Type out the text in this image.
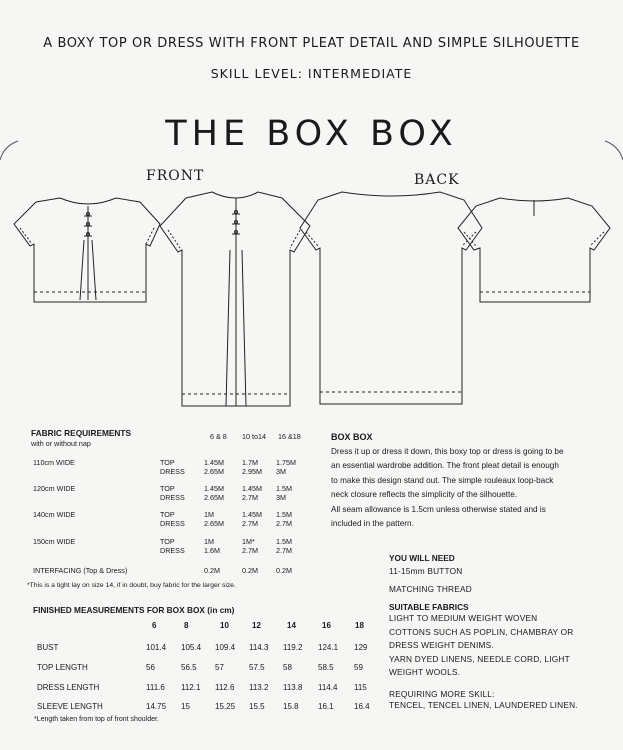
A BOXY TOP OR DRESS WITH FRONT PLEAT DETAIL AND SIMPLE SILHOUETTE
SKILL LEVEL: INTERMEDIATE
THE BOX BOX
FRONT	BACK
FABRIC REQUIREMENTS
with or without nap
6 & 8 10 to14 16 &18
110cm WIDE	TOP	1.45M	1.7M	1.75M
DRESS	2.65M	2.95M 3M
120cm WIDE	TOP	1.45M	1.45M 1.5M
DRESS	2.65M	2.7M	3M
140cm WIDE	TOP	1M	1.45M 1.5M
DRESS	2.65M	2.7M	2.7M
150cm WIDE	TOP	1M	1M*	1.5M
DRESS	1.6M	2.7M	2.7M
INTERFACING (Top & Dress)	0.2M	0.2M	0.2M
*This is a tight lay on size 14, if in doubt, buy fabric for the larger size.
FINISHED MEASUREMENTS FOR BOX BOX (in cm)
6	8	10	12	14	16	18
BUST	101.4 105.4 109.4 114.3 119.2 124.1 129
TOP LENGTH	56	56.5 57	57.5 58	58.5	59
DRESS LENGTH	111.6 112.1 112.6 113.2 113.8 114.4 115
SLEEVE LENGTH	14.75 15	15.25 15.5 15.8 16.1	16.4
*Length taken from top of front shoulder.
BOX BOX
Dress it up or dress it down, this boxy top or dress is going to be
an essential wardrobe addition. The front pleat detail is enough
to make this design stand out. The simple rouleaux loop-back
neck closure reflects the simplicity of the silhouette.
All seam allowance is 1.5cm unless otherwise stated and is
included in the pattern.
YOU WILL NEED
11-15mm BUTTON
MATCHING THREAD
SUITABLE FABRICS
LIGHT TO MEDIUM WEIGHT WOVEN
COTTONS SUCH AS POPLIN, CHAMBRAY OR
DRESS WEIGHT DENIMS.
YARN DYED LINENS, NEEDLE CORD, LIGHT
WEIGHT WOOLS.
REQUIRING MORE SKILL:
TENCEL, TENCEL LINEN, LAUNDERED LINEN.
